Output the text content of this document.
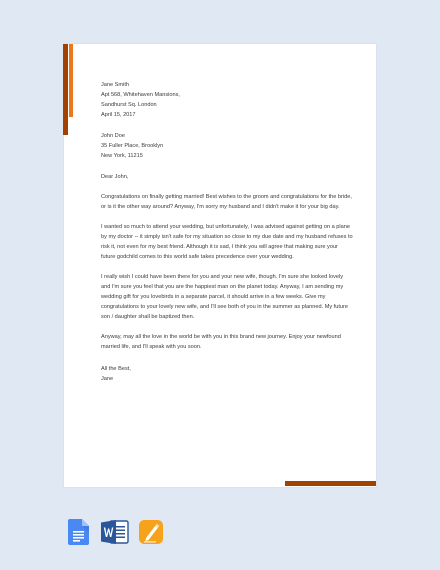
Jane Smith
Apt 568, Whitehaven Mansions,
Sandhurst Sq. London
April 15, 2017

John Doe
35 Fuller Place, Brooklyn
New York, 11215

Dear John,

Congratulations on finally getting married! Best wishes to the groom and congratulations for the bride, or is it the other way around? Anyway, I'm sorry my husband and I didn't make it for your big day.

I wanted so much to attend your wedding, but unfortunately, I was advised against getting on a plane by my doctor -- it simply isn't safe for my situation so close to my due date and my husband refuses to risk it, not even for my best friend. Although it is sad, I think you will agree that making sure your future godchild comes to this world safe takes precedence over your wedding.

I really wish I could have been there for you and your new wife, though. I'm sure she looked lovely and I'm sure you feel that you are the happiest man on the planet today. Anyway, I am sending my wedding gift for you lovebirds in a separate parcel, it should arrive in a few weeks. Give my congratulations to your lovely new wife, and I'll see both of you in the summer as planned. My future son / daughter shall be baptized then.

Anyway, may all the love in the world be with you in this brand new journey. Enjoy your newfound married life, and I'll speak with you soon.

All the Best,
Jane
